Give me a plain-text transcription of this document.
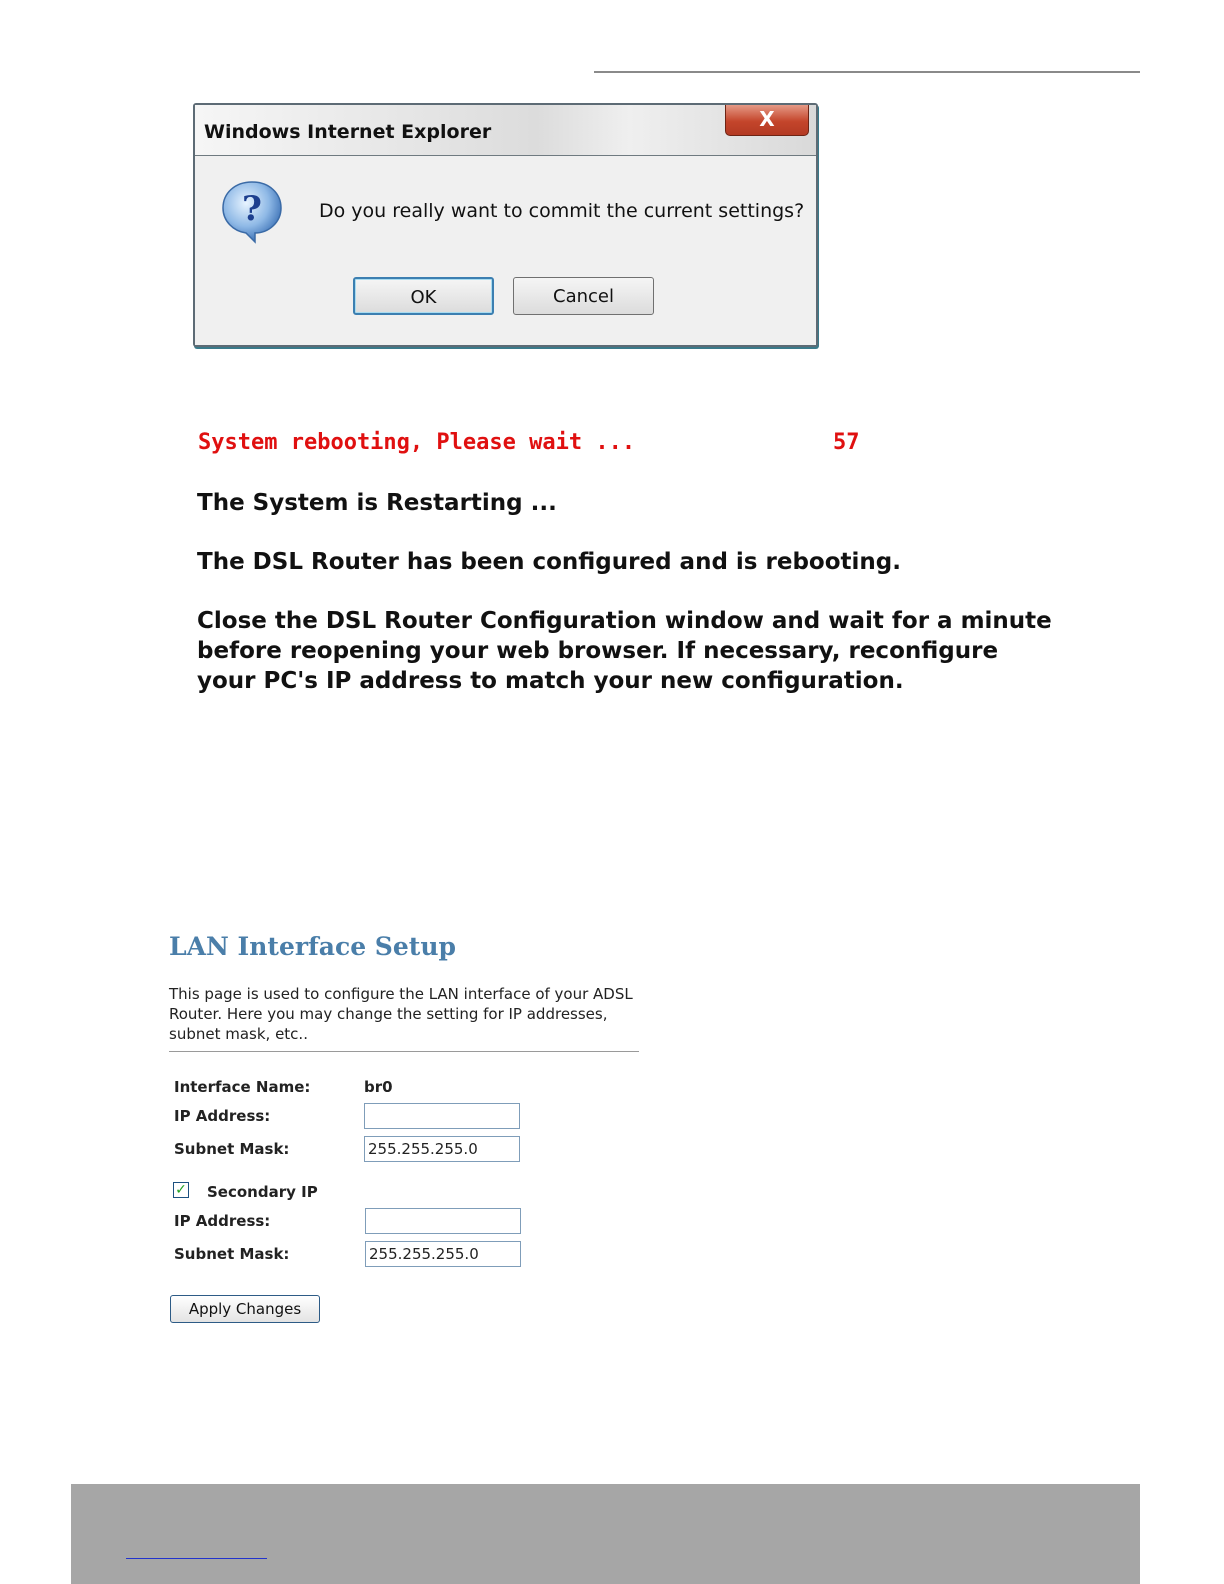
Windows Internet Explorer
X
?	Do you really want to commit the current settings?
OK	Cancel
System rebooting, Please wait ...	57
The System is Restarting ...
The DSL Router has been configured and is rebooting.
Close the DSL Router Configuration window and wait for a minute before reopening your web browser. If necessary, reconfigure your PC's IP address to match your new configuration.
LAN Interface Setup
This page is used to configure the LAN interface of your ADSL Router. Here you may change the setting for IP addresses, subnet mask, etc..
Interface Name:	br0
IP Address:
Subnet Mask:	255.255.255.0
✓ Secondary IP
IP Address:
Subnet Mask:	255.255.255.0
Apply Changes
